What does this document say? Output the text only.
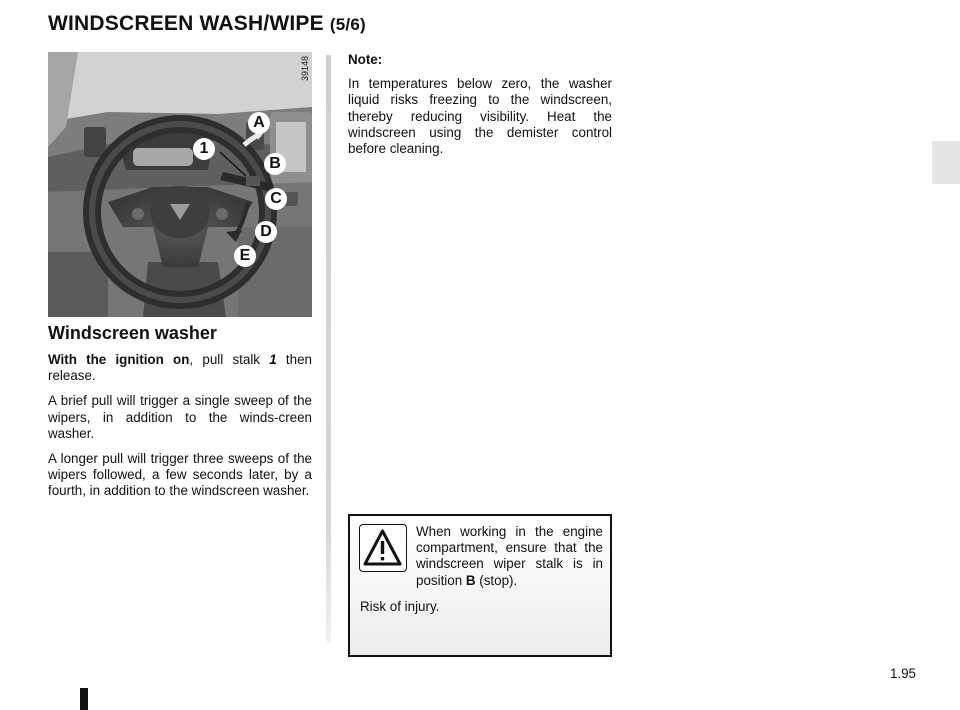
WINDSCREEN WASH/WIPE (5/6)
39148
A
1
B
C
D
E
Windscreen washer

With the ignition on, pull stalk 1 then release.

A brief pull will trigger a single sweep of the wipers, in addition to the winds-creen washer.

A longer pull will trigger three sweeps of the wipers followed, a few seconds later, by a fourth, in addition to the windscreen washer.

Note:

In temperatures below zero, the washer liquid risks freezing to the windscreen, thereby reducing visibility. Heat the windscreen using the demister control before cleaning.

When working in the engine compartment, ensure that the windscreen wiper stalk is in position B (stop).
Risk of injury.
1.95
